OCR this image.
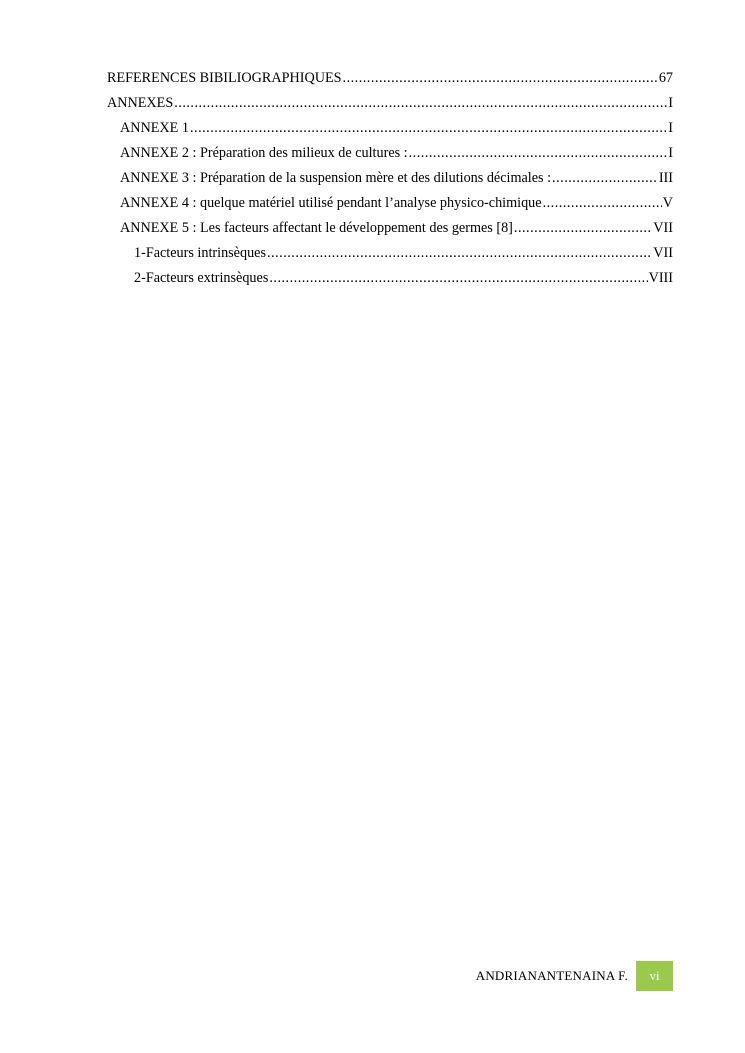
REFERENCES BIBILIOGRAPHIQUES .....	67
ANNEXES .....	I
ANNEXE 1 .....	I
ANNEXE 2 : Préparation des milieux de cultures : .....	I
ANNEXE 3 : Préparation de la suspension mère et des dilutions décimales : .....	III
ANNEXE 4 : quelque matériel utilisé pendant l’analyse physico-chimique .....	V
ANNEXE 5 : Les facteurs affectant le développement des germes [8] .....	VII
1-Facteurs intrinsèques .....	VII
2-Facteurs extrinsèques .....	VIII
ANDRIANANTENAINA F.	vi
